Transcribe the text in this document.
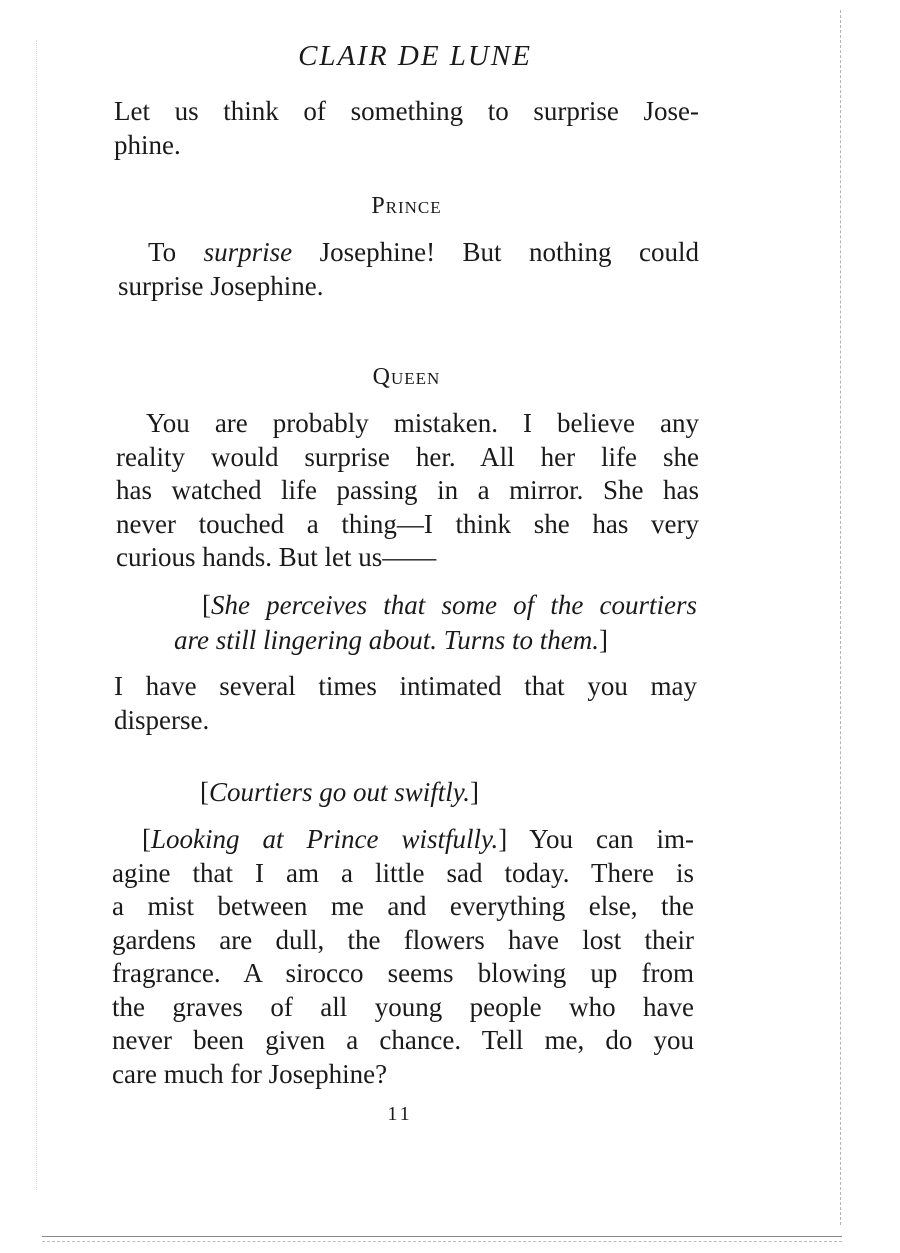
CLAIR DE LUNE
Let us think of something to surprise Jose-
phine.
Prince
To surprise Josephine! But nothing could
surprise Josephine.
Queen
You are probably mistaken. I believe any
reality would surprise her. All her life she
has watched life passing in a mirror. She has
never touched a thing—I think she has very
curious hands. But let us——
[She perceives that some of the courtiers
are still lingering about. Turns to them.]
I have several times intimated that you may
disperse.
[Courtiers go out swiftly.]
[Looking at Prince wistfully.] You can im-
agine that I am a little sad today. There is
a mist between me and everything else, the
gardens are dull, the flowers have lost their
fragrance. A sirocco seems blowing up from
the graves of all young people who have
never been given a chance. Tell me, do you
care much for Josephine?
11
